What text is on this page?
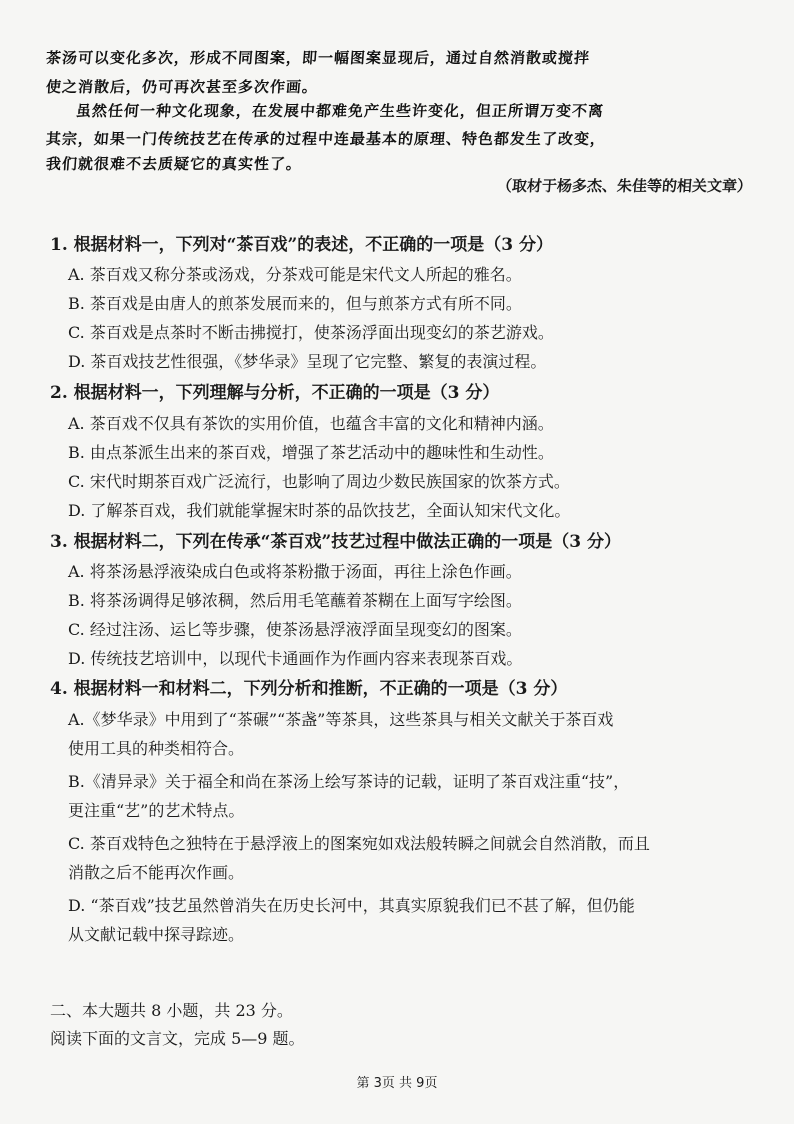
茶汤可以变化多次，形成不同图案，即一幅图案显现后，通过自然消散或搅拌
使之消散后，仍可再次甚至多次作画。
虽然任何一种文化现象，在发展中都难免产生些许变化，但正所谓万变不离
其宗，如果一门传统技艺在传承的过程中连最基本的原理、特色都发生了改变，
我们就很难不去质疑它的真实性了。
（取材于杨多杰、朱佳等的相关文章）
1. 根据材料一，下列对“茶百戏”的表述，不正确的一项是（3 分）
A. 茶百戏又称分茶或汤戏，分茶戏可能是宋代文人所起的雅名。
B. 茶百戏是由唐人的煎茶发展而来的，但与煎茶方式有所不同。
C. 茶百戏是点茶时不断击拂搅打，使茶汤浮面出现变幻的茶艺游戏。
D. 茶百戏技艺性很强，《梦华录》呈现了它完整、繁复的表演过程。
2. 根据材料一，下列理解与分析，不正确的一项是（3 分）
A. 茶百戏不仅具有茶饮的实用价值，也蕴含丰富的文化和精神内涵。
B. 由点茶派生出来的茶百戏，增强了茶艺活动中的趣味性和生动性。
C. 宋代时期茶百戏广泛流行，也影响了周边少数民族国家的饮茶方式。
D. 了解茶百戏，我们就能掌握宋时茶的品饮技艺，全面认知宋代文化。
3. 根据材料二，下列在传承“茶百戏”技艺过程中做法正确的一项是（3 分）
A. 将茶汤悬浮液染成白色或将茶粉撒于汤面，再往上涂色作画。
B. 将茶汤调得足够浓稠，然后用毛笔蘸着茶糊在上面写字绘图。
C. 经过注汤、运匕等步骤，使茶汤悬浮液浮面呈现变幻的图案。
D. 传统技艺培训中，以现代卡通画作为作画内容来表现茶百戏。
4. 根据材料一和材料二，下列分析和推断，不正确的一项是（3 分）
A.《梦华录》中用到了“茶碾”“茶盏”等茶具，这些茶具与相关文献关于茶百戏
使用工具的种类相符合。
B.《清异录》关于福全和尚在茶汤上绘写茶诗的记载，证明了茶百戏注重“技”，
更注重“艺”的艺术特点。
C. 茶百戏特色之独特在于悬浮液上的图案宛如戏法般转瞬之间就会自然消散，而且
消散之后不能再次作画。
D. “茶百戏”技艺虽然曾消失在历史长河中，其真实原貌我们已不甚了解，但仍能
从文献记载中探寻踪迹。
二、本大题共 8 小题，共 23 分。
阅读下面的文言文，完成 5—9 题。
第 3页 共 9页
